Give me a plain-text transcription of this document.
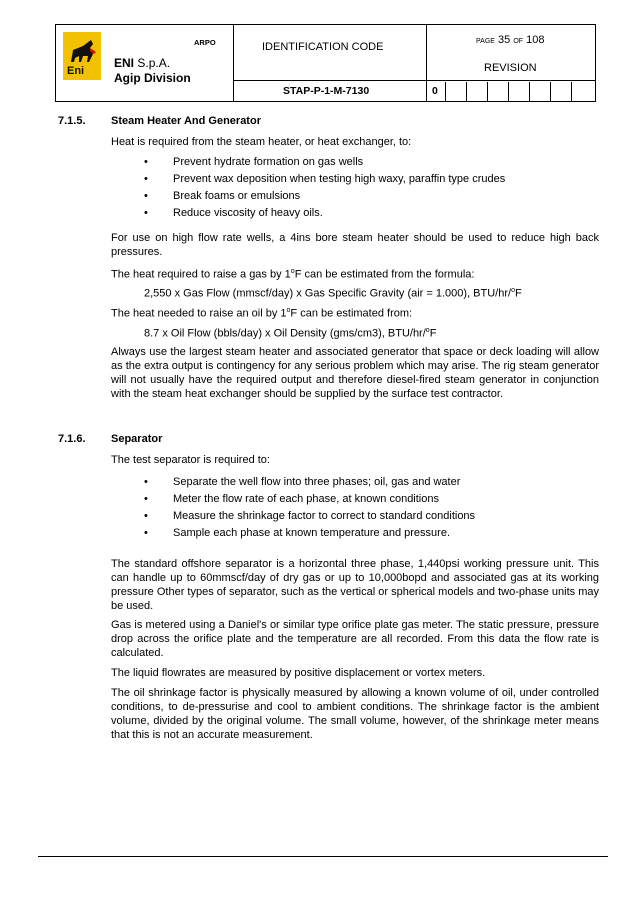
Eni
ARPO
ENI S.p.A.
Agip Division
IDENTIFICATION CODE
STAP-P-1-M-7130
PAGE 35 OF 108
REVISION
0
7.1.5. Steam Heater And Generator
Heat is required from the steam heater, or heat exchanger, to:
• Prevent hydrate formation on gas wells
• Prevent wax deposition when testing high waxy, paraffin type crudes
• Break foams or emulsions
• Reduce viscosity of heavy oils.
For use on high flow rate wells, a 4ins bore steam heater should be used to reduce high back pressures.
The heat required to raise a gas by 1$^o$F can be estimated from the formula:
2,550 x Gas Flow (mmscf/day) x Gas Specific Gravity (air = 1.000), BTU/hr/$^o$F
The heat needed to raise an oil by 1$^o$F can be estimated from:
8.7 x Oil Flow (bbls/day) x Oil Density (gms/cm3), BTU/hr/$^o$F
Always use the largest steam heater and associated generator that space or deck loading will allow as the extra output is contingency for any serious problem which may arise. The rig steam generator will not usually have the required output and therefore diesel-fired steam generator in conjunction with the steam heat exchanger should be supplied by the surface test contractor.
7.1.6. Separator
The test separator is required to:
• Separate the well flow into three phases; oil, gas and water
• Meter the flow rate of each phase, at known conditions
• Measure the shrinkage factor to correct to standard conditions
• Sample each phase at known temperature and pressure.
The standard offshore separator is a horizontal three phase, 1,440psi working pressure unit. This can handle up to 60mmscf/day of dry gas or up to 10,000bopd and associated gas at its working pressure Other types of separator, such as the vertical or spherical models and two-phase units may be used.
Gas is metered using a Daniel's or similar type orifice plate gas meter. The static pressure, pressure drop across the orifice plate and the temperature are all recorded. From this data the flow rate is calculated.
The liquid flowrates are measured by positive displacement or vortex meters.
The oil shrinkage factor is physically measured by allowing a known volume of oil, under controlled conditions, to de-pressurise and cool to ambient conditions. The shrinkage factor is the ambient volume, divided by the original volume. The small volume, however, of the shrinkage meter means that this is not an accurate measurement.
